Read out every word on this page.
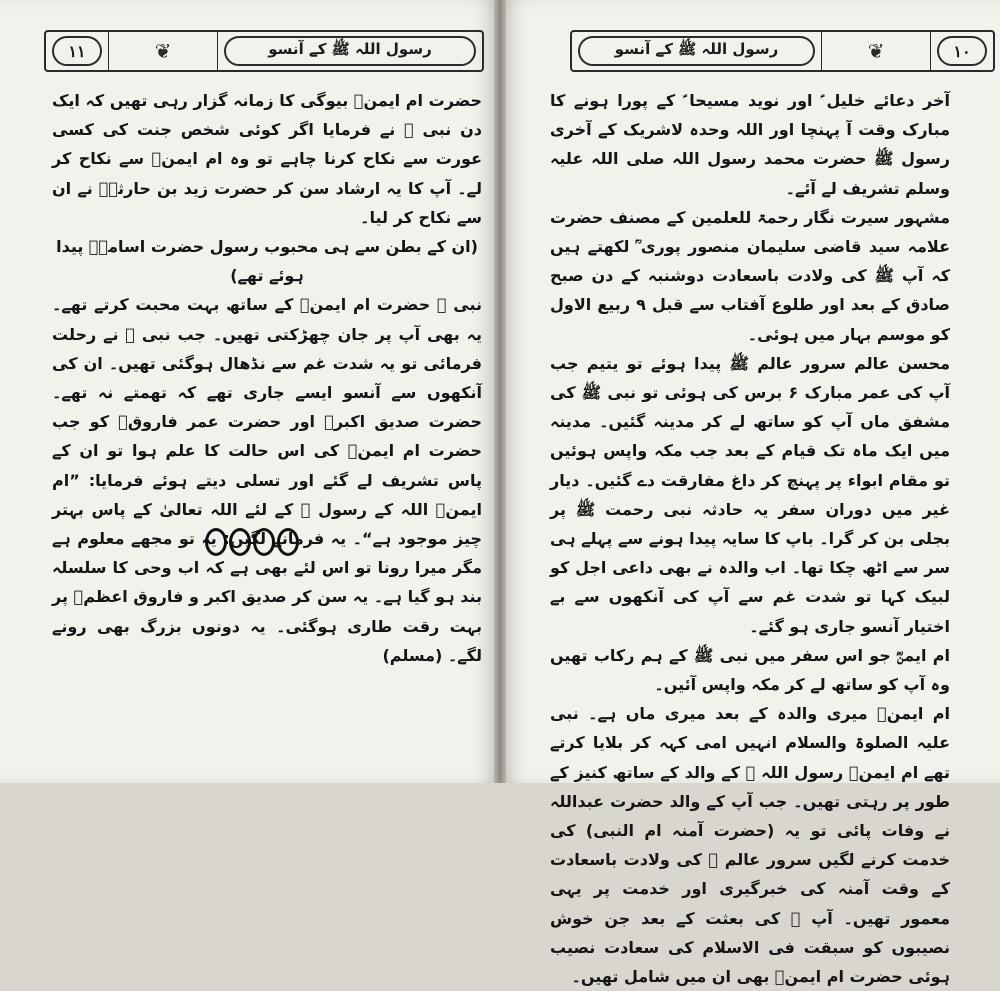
۱۱	❦	رسول اللہ ﷺ کے آنسو

حضرت ام ایمنؓ بیوگی کا زمانہ گزار رہی تھیں کہ ایک دن نبی ﷺ نے فرمایا اگر کوئی شخص جنت کی کسی عورت سے نکاح کرنا چاہے تو وہ ام ایمنؓ سے نکاح کر لے۔ آپ کا یہ ارشاد سن کر حضرت زید بن حارثہؓ نے ان سے نکاح کر لیا۔

(ان کے بطن سے ہی محبوب رسول حضرت اسامہؓ پیدا ہوئے تھے)

نبی ﷺ حضرت ام ایمنؓ کے ساتھ بہت محبت کرتے تھے۔ یہ بھی آپ پر جان چھڑکتی تھیں۔ جب نبی ﷺ نے رحلت فرمائی تو یہ شدت غم سے نڈھال ہوگئی تھیں۔ ان کی آنکھوں سے آنسو ایسے جاری تھے کہ تھمتے نہ تھے۔ حضرت صدیق اکبرؓ اور حضرت عمر فاروقؓ کو جب حضرت ام ایمنؓ کی اس حالت کا علم ہوا تو ان کے پاس تشریف لے گئے اور تسلی دیتے ہوئے فرمایا: ”ام ایمنؓ اللہ کے رسول ﷺ کے لئے اللہ تعالیٰ کے پاس بہتر چیز موجود ہے“۔ یہ فرمانے لگیں: یہ تو مجھے معلوم ہے مگر میرا رونا تو اس لئے بھی ہے کہ اب وحی کا سلسلہ بند ہو گیا ہے۔ یہ سن کر صدیق اکبر و فاروق اعظمؓ پر بہت رقت طاری ہوگئی۔ یہ دونوں بزرگ بھی رونے لگے۔ (مسلم)

رسول اللہ ﷺ کے آنسو	❦	۱۰

آخر دعائے خلیل ؑ اور نوید مسیحا ؑ کے پورا ہونے کا مبارک وقت آ پہنچا اور اللہ وحدہ لاشریک کے آخری رسول ﷺ حضرت محمد رسول اللہ صلی اللہ علیہ وسلم تشریف لے آئے۔

مشہور سیرت نگار رحمۃ للعلمین کے مصنف حضرت علامہ سید قاضی سلیمان منصور پوری ؒ لکھتے ہیں کہ آپ ﷺ کی ولادت باسعادت دوشنبہ کے دن صبح صادق کے بعد اور طلوع آفتاب سے قبل ۹ ربیع الاول کو موسم بہار میں ہوئی۔

محسن عالم سرور عالم ﷺ پیدا ہوئے تو یتیم جب آپ کی عمر مبارک ۶ برس کی ہوئی تو نبی ﷺ کی مشفق ماں آپ کو ساتھ لے کر مدینہ گئیں۔ مدینہ میں ایک ماہ تک قیام کے بعد جب مکہ واپس ہوئیں تو مقام ابواء پر پہنچ کر داغ مفارقت دے گئیں۔ دیار غیر میں دوران سفر یہ حادثہ نبی رحمت ﷺ پر بجلی بن کر گرا۔ باپ کا سایہ پیدا ہونے سے پہلے ہی سر سے اٹھ چکا تھا۔ اب والدہ نے بھی داعی اجل کو لبیک کہا تو شدت غم سے آپ کی آنکھوں سے بے اختیار آنسو جاری ہو گئے۔

ام ایمنؓ جو اس سفر میں نبی ﷺ کے ہم رکاب تھیں وہ آپ کو ساتھ لے کر مکہ واپس آئیں۔

ام ایمنؓ میری والدہ کے بعد میری ماں ہے۔ نبی علیہ الصلوۃ والسلام انہیں امی کہہ کر بلایا کرتے تھے ام ایمنؓ رسول اللہ ﷺ کے والد کے ساتھ کنیز کے طور پر رہتی تھیں۔ جب آپ کے والد حضرت عبداللہ نے وفات پائی تو یہ (حضرت آمنہ ام النبی) کی خدمت کرنے لگیں سرور عالم ﷺ کی ولادت باسعادت کے وقت آمنہ کی خبرگیری اور خدمت پر یہی معمور تھیں۔ آپ ﷺ کی بعثت کے بعد جن خوش نصیبوں کو سبقت فی الاسلام کی سعادت نصیب ہوئی حضرت ام ایمنؓ بھی ان میں شامل تھیں۔
